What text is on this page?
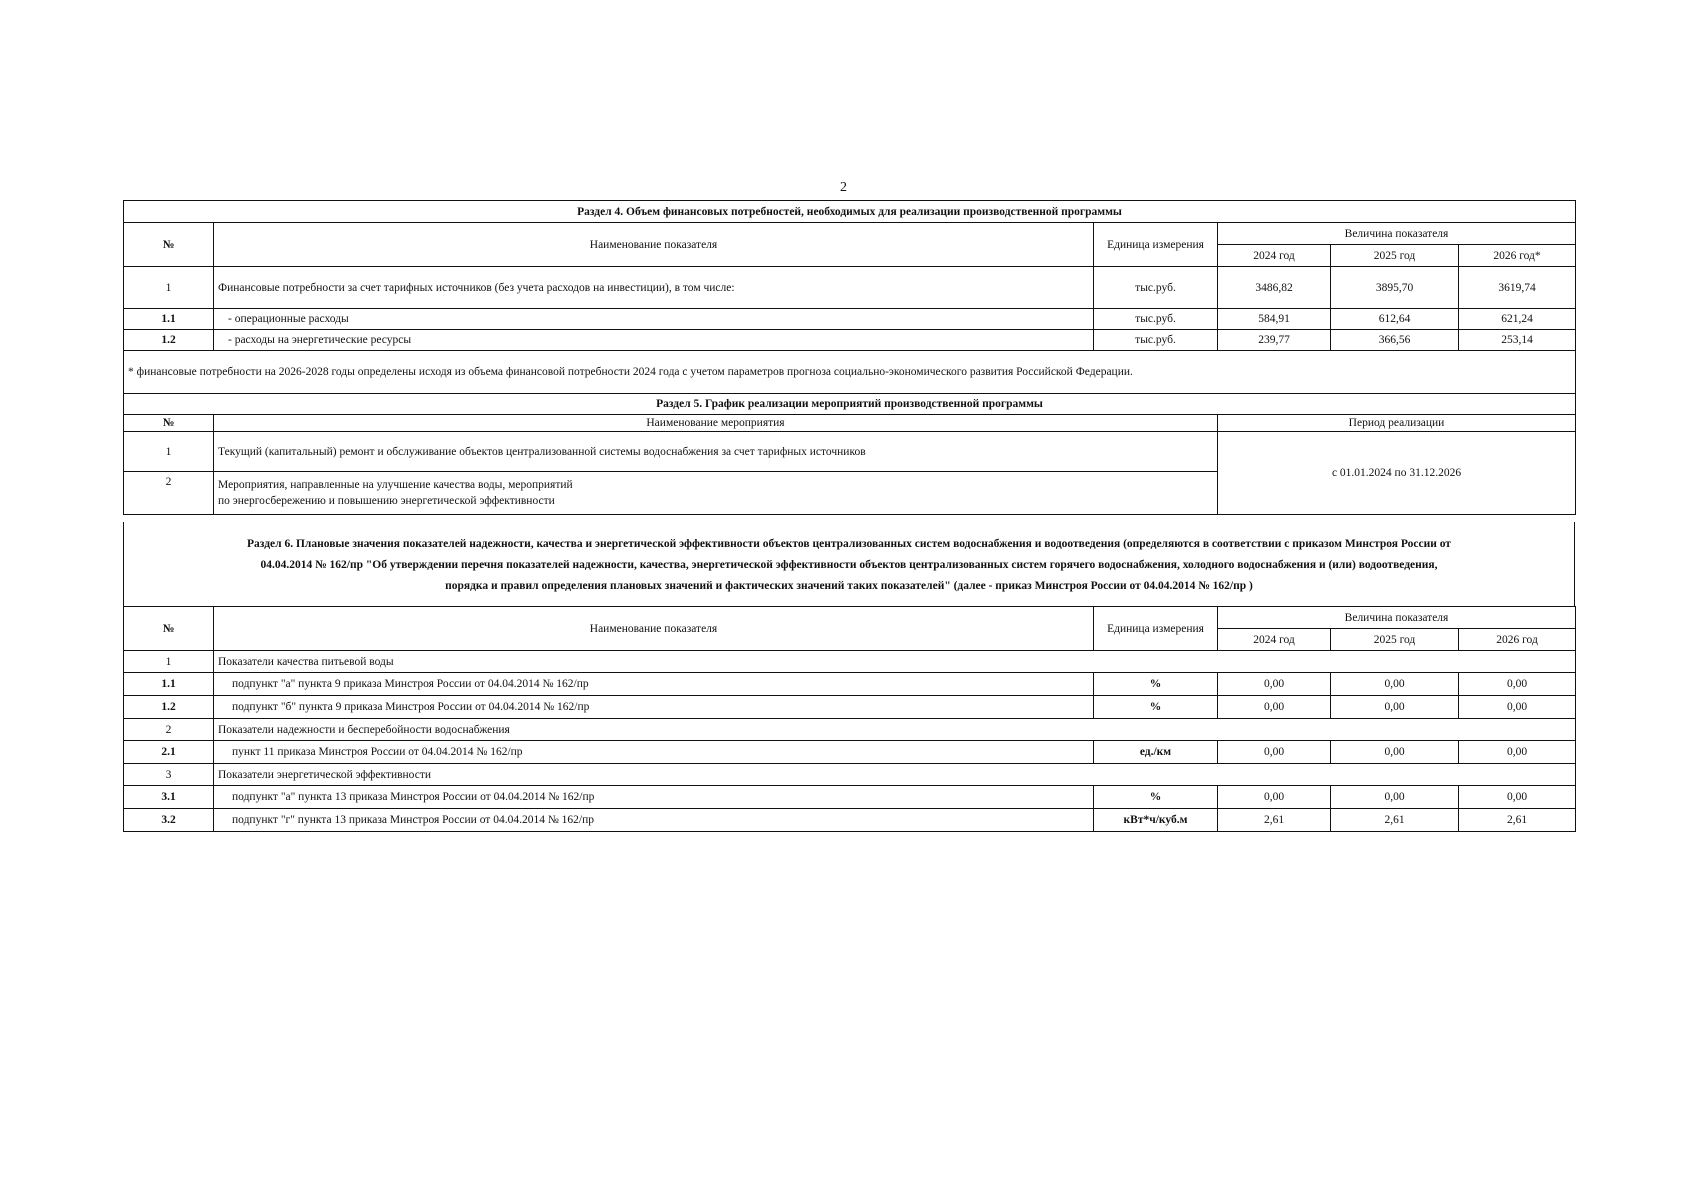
2
Раздел 4. Объем финансовых потребностей, необходимых для реализации производственной программы					
№	Наименование показателя	Единица измерения	Величина показателя		
			2024 год	2025 год	2026 год*
1	Финансовые потребности за счет тарифных источников (без учета расходов на инвестиции), в том числе:	тыс.руб.	3486,82	3895,70	3619,74
1.1	- операционные расходы	тыс.руб.	584,91	612,64	621,24
1.2	- расходы на энергетические ресурсы	тыс.руб.	239,77	366,56	253,14
* финансовые потребности на 2026-2028 годы определены исходя из объема финансовой потребности 2024 года с учетом параметров прогноза социально-экономического развития Российской Федерации.					
Раздел 5. График реализации мероприятий производственной программы		
№	Наименование мероприятия	Период реализации
1	Текущий (капитальный) ремонт и обслуживание объектов централизованной системы водоснабжения за счет тарифных источников	с 01.01.2024 по 31.12.2026
2	Мероприятия, направленные на улучшение качества воды, мероприятий
по энергосбережению и повышению энергетической эффективности	
Раздел 6. Плановые значения показателей надежности, качества и энергетической эффективности объектов централизованных систем водоснабжения и водоотведения (определяются в соответствии с приказом Минстроя России от
04.04.2014 № 162/пр "Об утверждении перечня показателей надежности, качества, энергетической эффективности объектов централизованных систем горячего водоснабжения, холодного водоснабжения и (или) водоотведения,
порядка и правил определения плановых значений и фактических значений таких показателей" (далее - приказ Минстроя России от 04.04.2014 № 162/пр )
№	Наименование показателя	Единица измерения	Величина показателя		
			2024 год	2025 год	2026 год
1	Показатели качества питьевой воды				
1.1	подпункт "а" пункта 9 приказа Минстроя России от 04.04.2014 № 162/пр	%	0,00	0,00	0,00
1.2	подпункт "б" пункта 9 приказа Минстроя России от 04.04.2014 № 162/пр	%	0,00	0,00	0,00
2	Показатели надежности и бесперебойности водоснабжения				
2.1	пункт 11 приказа Минстроя России от 04.04.2014 № 162/пр	ед./км	0,00	0,00	0,00
3	Показатели энергетической эффективности				
3.1	подпункт "а" пункта 13 приказа Минстроя России от 04.04.2014 № 162/пр	%	0,00	0,00	0,00
3.2	подпункт "г" пункта 13 приказа Минстроя России от 04.04.2014 № 162/пр	кВт*ч/куб.м	2,61	2,61	2,61
